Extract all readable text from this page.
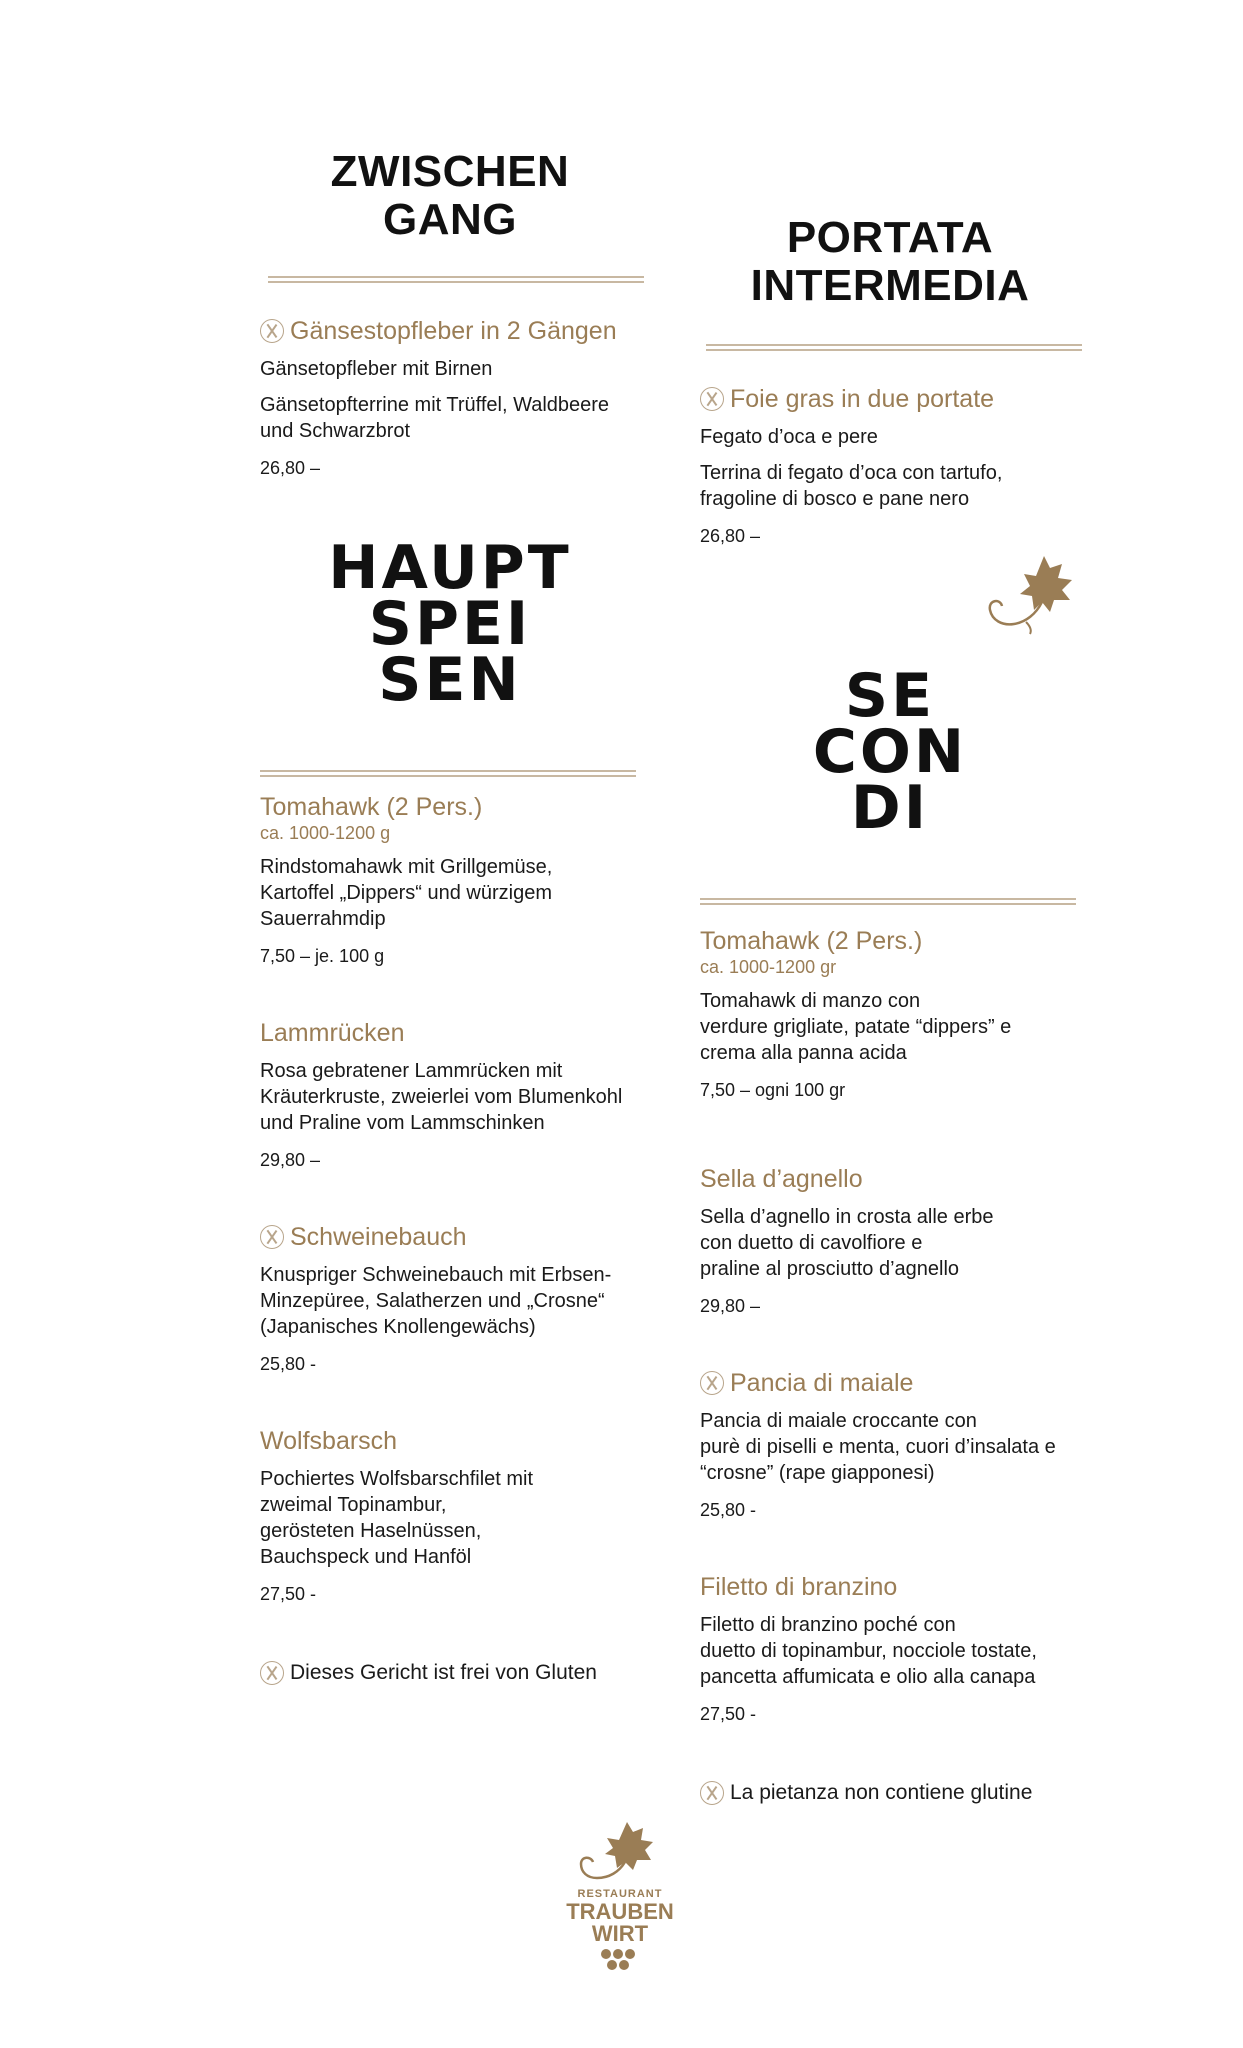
ZWISCHEN
GANG
Gänsestopfleber in 2 Gängen
Gänsetopfleber mit Birnen
Gänsetopfterrine mit Trüffel, Waldbeere
und Schwarzbrot
26,80 –
HAUPT
SPEI
SEN
Tomahawk (2 Pers.)
ca. 1000-1200 g
Rindstomahawk mit Grillgemüse,
Kartoffel „Dippers“ und würzigem
Sauerrahmdip
7,50 – je. 100 g
Lammrücken
Rosa gebratener Lammrücken mit
Kräuterkruste, zweierlei vom Blumenkohl
und Praline vom Lammschinken
29,80 –
Schweinebauch
Knuspriger Schweinebauch mit Erbsen-
Minzepüree, Salatherzen und „Crosne“
(Japanisches Knollengewächs)
25,80 -
Wolfsbarsch
Pochiertes Wolfsbarschfilet mit
zweimal Topinambur,
gerösteten Haselnüssen,
Bauchspeck und Hanföl
27,50 -
Dieses Gericht ist frei von Gluten
PORTATA
INTERMEDIA
Foie gras in due portate
Fegato d’oca e pere
Terrina di fegato d’oca con tartufo,
fragoline di bosco e pane nero
26,80 –
SE
CON
DI
Tomahawk (2 Pers.)
ca. 1000-1200 gr
Tomahawk di manzo con
verdure grigliate, patate “dippers” e
crema alla panna acida
7,50 – ogni 100 gr
Sella d’agnello
Sella d’agnello in crosta alle erbe
con duetto di cavolfiore e
praline al prosciutto d’agnello
29,80 –
Pancia di maiale
Pancia di maiale croccante con
purè di piselli e menta, cuori d’insalata e
“crosne” (rape giapponesi)
25,80 -
Filetto di branzino
Filetto di branzino poché con
duetto di topinambur, nocciole tostate,
pancetta affumicata e olio alla canapa
27,50 -
La pietanza non contiene glutine
RESTAURANT
TRAUBEN
WIRT
